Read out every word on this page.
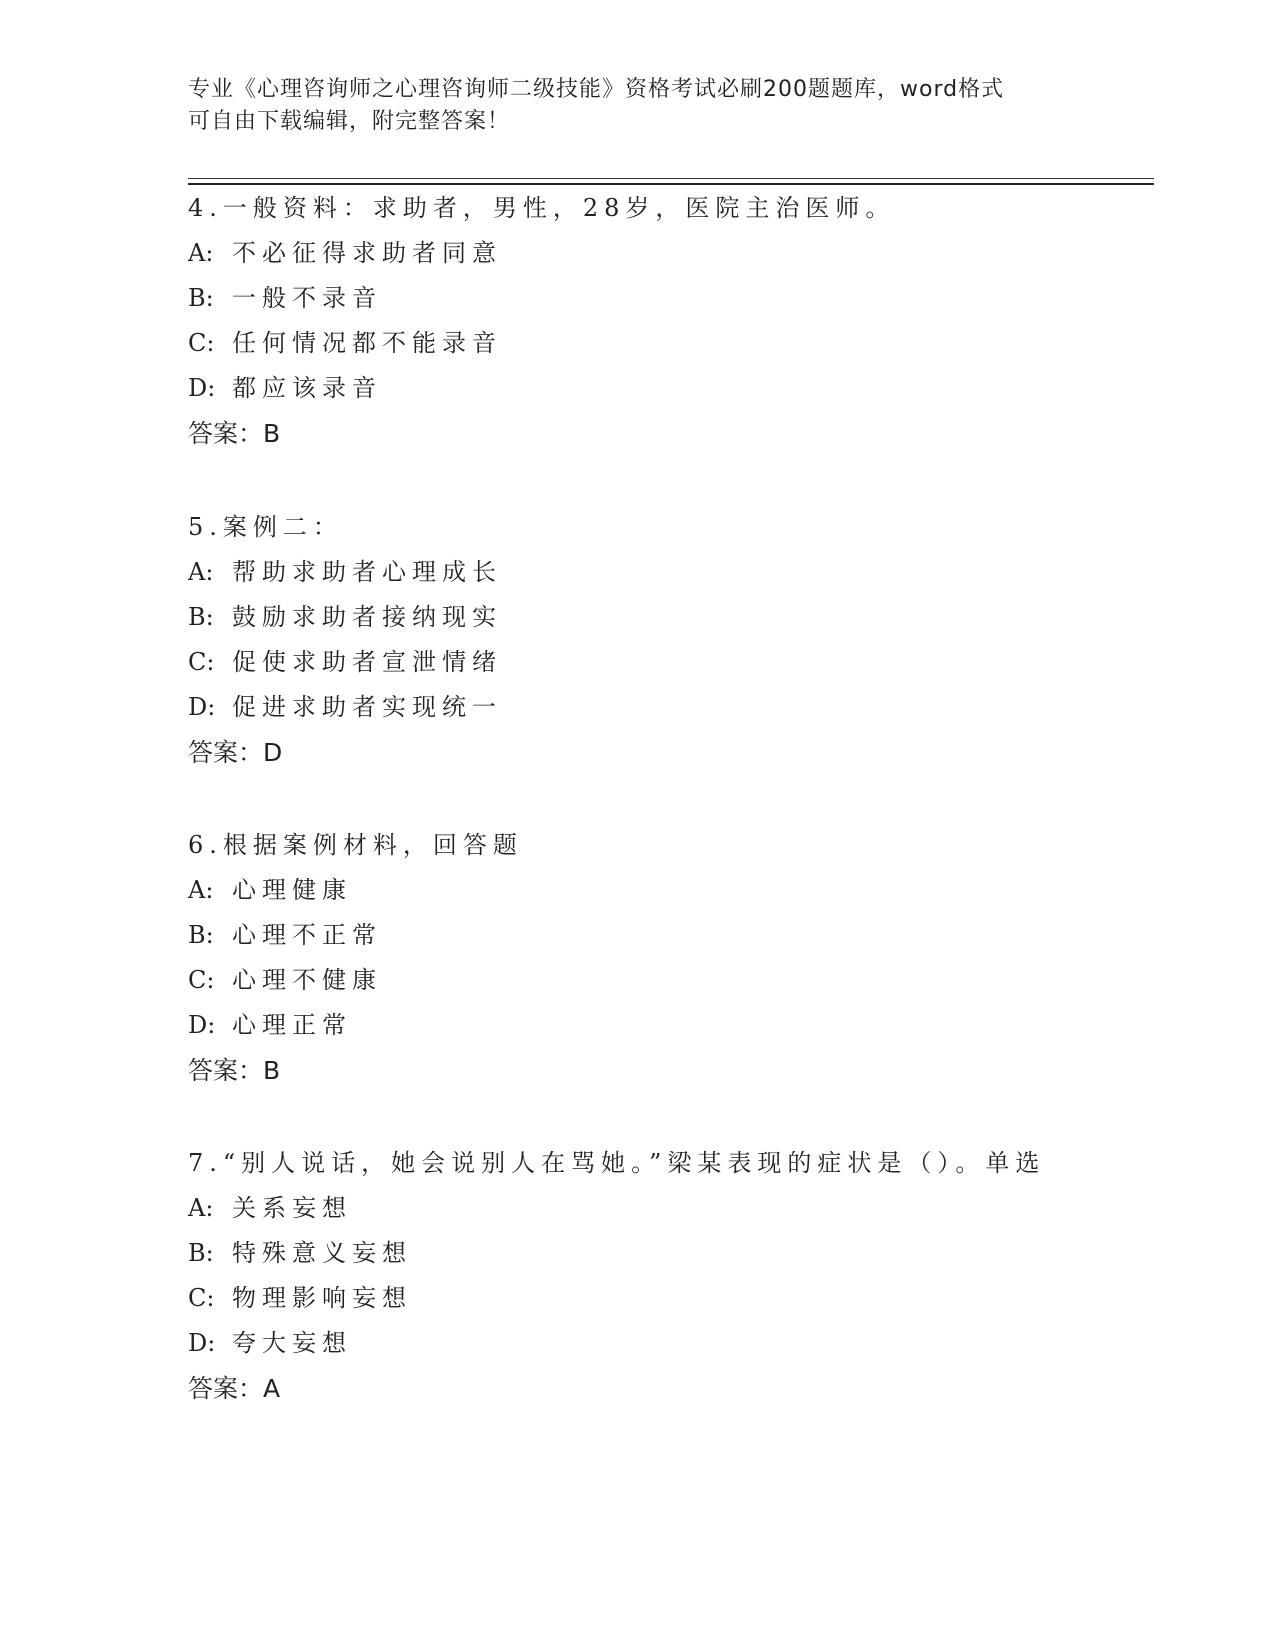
专业《心理咨询师之心理咨询师二级技能》资格考试必刷200题题库，word格式
可自由下载编辑，附完整答案！
4.一般资料：求助者，男性，28岁，医院主治医师。
A: 不必征得求助者同意
B: 一般不录音
C: 任何情况都不能录音
D: 都应该录音
答案：B
5.案例二：
A: 帮助求助者心理成长
B: 鼓励求助者接纳现实
C: 促使求助者宣泄情绪
D: 促进求助者实现统一
答案：D
6.根据案例材料，回答题
A: 心理健康
B: 心理不正常
C: 心理不健康
D: 心理正常
答案：B
7.“别人说话，她会说别人在骂她。”梁某表现的症状是（）。单选
A: 关系妄想
B: 特殊意义妄想
C: 物理影响妄想
D: 夸大妄想
答案：A
